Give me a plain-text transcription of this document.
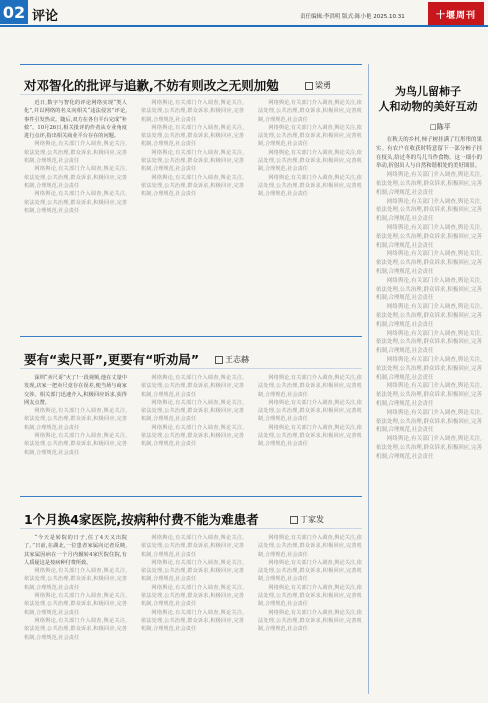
02 评论	责任编辑:李洪明 版式:陈小艳 2025.10.31	十堰周刊
对邓智化的批评与追歉,不妨有则改之无则加勉	梁勇

近日,数字与智化的评论网络实现“类人化”,并以网络的名义向相关“违法侵害”评论,事件引发热议。随后,双方在各自平台完成“补救”。10月26日,相关批评的作者从专业角度进行点评,指出相关商业平台存在的问题。

网络舆论,有关部门介入调查,舆论关注,依法处理,公共治理,群众诉求,积极回应,完善机制,合理规范,社会责任

网络舆论,有关部门介入调查,舆论关注,依法处理,公共治理,群众诉求,积极回应,完善机制,合理规范,社会责任

网络舆论,有关部门介入调查,舆论关注,依法处理,公共治理,群众诉求,积极回应,完善机制,合理规范,社会责任

网络舆论,有关部门介入调查,舆论关注,依法处理,公共治理,群众诉求,积极回应,完善机制,合理规范,社会责任

网络舆论,有关部门介入调查,舆论关注,依法处理,公共治理,群众诉求,积极回应,完善机制,合理规范,社会责任

网络舆论,有关部门介入调查,舆论关注,依法处理,公共治理,群众诉求,积极回应,完善机制,合理规范,社会责任

网络舆论,有关部门介入调查,舆论关注,依法处理,公共治理,群众诉求,积极回应,完善机制,合理规范,社会责任

网络舆论,有关部门介入调查,舆论关注,依法处理,公共治理,群众诉求,积极回应,完善机制,合理规范,社会责任

网络舆论,有关部门介入调查,舆论关注,依法处理,公共治理,群众诉求,积极回应,完善机制,合理规范,社会责任

网络舆论,有关部门介入调查,舆论关注,依法处理,公共治理,群众诉求,积极回应,完善机制,合理规范,社会责任

网络舆论,有关部门介入调查,舆论关注,依法处理,公共治理,群众诉求,积极回应,完善机制,合理规范,社会责任

要有“卖尺哥”,更要有“听劝局”	王志赫

深圳“卖尺哥”火了!一段视频,他在丈量中发现,店家一把卖尺竟存在误差,便当场与商家交涉。相关部门迅速介入,积极回应诉求,获得网友点赞。

网络舆论,有关部门介入调查,舆论关注,依法处理,公共治理,群众诉求,积极回应,完善机制,合理规范,社会责任

网络舆论,有关部门介入调查,舆论关注,依法处理,公共治理,群众诉求,积极回应,完善机制,合理规范,社会责任

网络舆论,有关部门介入调查,舆论关注,依法处理,公共治理,群众诉求,积极回应,完善机制,合理规范,社会责任

网络舆论,有关部门介入调查,舆论关注,依法处理,公共治理,群众诉求,积极回应,完善机制,合理规范,社会责任

网络舆论,有关部门介入调查,舆论关注,依法处理,公共治理,群众诉求,积极回应,完善机制,合理规范,社会责任

网络舆论,有关部门介入调查,舆论关注,依法处理,公共治理,群众诉求,积极回应,完善机制,合理规范,社会责任

网络舆论,有关部门介入调查,舆论关注,依法处理,公共治理,群众诉求,积极回应,完善机制,合理规范,社会责任

网络舆论,有关部门介入调查,舆论关注,依法处理,公共治理,群众诉求,积极回应,完善机制,合理规范,社会责任

1个月换4家医院,按病种付费不能为难患者	丁家发

“今天是转院的日子,住了4天又出院了。”日前,在湖北,一位患者家属向记者反映,其家属因病在一个月内辗转4家医院住院,有人质疑这是按病种付费所致。

网络舆论,有关部门介入调查,舆论关注,依法处理,公共治理,群众诉求,积极回应,完善机制,合理规范,社会责任

网络舆论,有关部门介入调查,舆论关注,依法处理,公共治理,群众诉求,积极回应,完善机制,合理规范,社会责任

网络舆论,有关部门介入调查,舆论关注,依法处理,公共治理,群众诉求,积极回应,完善机制,合理规范,社会责任

网络舆论,有关部门介入调查,舆论关注,依法处理,公共治理,群众诉求,积极回应,完善机制,合理规范,社会责任

网络舆论,有关部门介入调查,舆论关注,依法处理,公共治理,群众诉求,积极回应,完善机制,合理规范,社会责任

网络舆论,有关部门介入调查,舆论关注,依法处理,公共治理,群众诉求,积极回应,完善机制,合理规范,社会责任

网络舆论,有关部门介入调查,舆论关注,依法处理,公共治理,群众诉求,积极回应,完善机制,合理规范,社会责任

网络舆论,有关部门介入调查,舆论关注,依法处理,公共治理,群众诉求,积极回应,完善机制,合理规范,社会责任

网络舆论,有关部门介入调查,舆论关注,依法处理,公共治理,群众诉求,积极回应,完善机制,合理规范,社会责任

网络舆论,有关部门介入调查,舆论关注,依法处理,公共治理,群众诉求,积极回应,完善机制,合理规范,社会责任

网络舆论,有关部门介入调查,舆论关注,依法处理,公共治理,群众诉求,积极回应,完善机制,合理规范,社会责任

为鸟儿留柿子
人和动物的美好互动
□陈平

在秋天的乡村,柿子树挂满了红彤彤的果实。有农户在收获时特意留下一部分柿子挂在枝头,给过冬的鸟儿当作食物。这一细小的举动,折射出人与自然和谐相处的美好图景。

网络舆论,有关部门介入调查,舆论关注,依法处理,公共治理,群众诉求,积极回应,完善机制,合理规范,社会责任

网络舆论,有关部门介入调查,舆论关注,依法处理,公共治理,群众诉求,积极回应,完善机制,合理规范,社会责任

网络舆论,有关部门介入调查,舆论关注,依法处理,公共治理,群众诉求,积极回应,完善机制,合理规范,社会责任

网络舆论,有关部门介入调查,舆论关注,依法处理,公共治理,群众诉求,积极回应,完善机制,合理规范,社会责任

网络舆论,有关部门介入调查,舆论关注,依法处理,公共治理,群众诉求,积极回应,完善机制,合理规范,社会责任

网络舆论,有关部门介入调查,舆论关注,依法处理,公共治理,群众诉求,积极回应,完善机制,合理规范,社会责任

网络舆论,有关部门介入调查,舆论关注,依法处理,公共治理,群众诉求,积极回应,完善机制,合理规范,社会责任

网络舆论,有关部门介入调查,舆论关注,依法处理,公共治理,群众诉求,积极回应,完善机制,合理规范,社会责任

网络舆论,有关部门介入调查,舆论关注,依法处理,公共治理,群众诉求,积极回应,完善机制,合理规范,社会责任

网络舆论,有关部门介入调查,舆论关注,依法处理,公共治理,群众诉求,积极回应,完善机制,合理规范,社会责任

网络舆论,有关部门介入调查,舆论关注,依法处理,公共治理,群众诉求,积极回应,完善机制,合理规范,社会责任
